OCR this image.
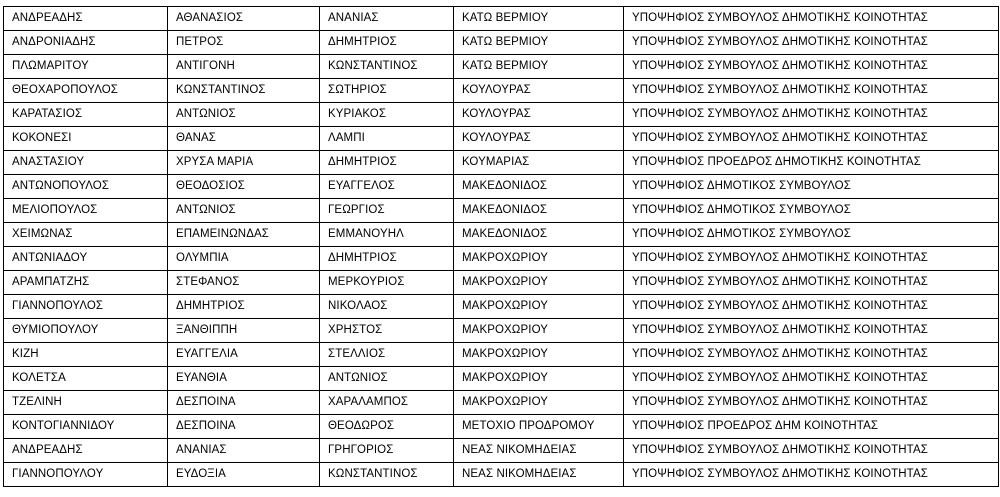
ΑΝΔΡΕΑΔΗΣ	ΑΘΑΝΑΣΙΟΣ	ΑΝΑΝΙΑΣ	ΚΑΤΩ ΒΕΡΜΙΟΥ	ΥΠΟΨΗΦΙΟΣ ΣΥΜΒΟΥΛΟΣ ΔΗΜΟΤΙΚΗΣ ΚΟΙΝΟΤΗΤΑΣ
ΑΝΔΡΟΝΙΑΔΗΣ	ΠΕΤΡΟΣ	ΔΗΜΗΤΡΙΟΣ	ΚΑΤΩ ΒΕΡΜΙΟΥ	ΥΠΟΨΗΦΙΟΣ ΣΥΜΒΟΥΛΟΣ ΔΗΜΟΤΙΚΗΣ ΚΟΙΝΟΤΗΤΑΣ
ΠΛΩΜΑΡΙΤΟΥ	ΑΝΤΙΓΟΝΗ	ΚΩΝΣΤΑΝΤΙΝΟΣ	ΚΑΤΩ ΒΕΡΜΙΟΥ	ΥΠΟΨΗΦΙΟΣ ΣΥΜΒΟΥΛΟΣ ΔΗΜΟΤΙΚΗΣ ΚΟΙΝΟΤΗΤΑΣ
ΘΕΟΧΑΡΟΠΟΥΛΟΣ	ΚΩΝΣΤΑΝΤΙΝΟΣ	ΣΩΤΗΡΙΟΣ	ΚΟΥΛΟΥΡΑΣ	ΥΠΟΨΗΦΙΟΣ ΣΥΜΒΟΥΛΟΣ ΔΗΜΟΤΙΚΗΣ ΚΟΙΝΟΤΗΤΑΣ
ΚΑΡΑΤΑΣΙΟΣ	ΑΝΤΩΝΙΟΣ	ΚΥΡΙΑΚΟΣ	ΚΟΥΛΟΥΡΑΣ	ΥΠΟΨΗΦΙΟΣ ΣΥΜΒΟΥΛΟΣ ΔΗΜΟΤΙΚΗΣ ΚΟΙΝΟΤΗΤΑΣ
ΚΟΚΟΝΕΣΙ	ΘΑΝΑΣ	ΛΑΜΠΙ	ΚΟΥΛΟΥΡΑΣ	ΥΠΟΨΗΦΙΟΣ ΣΥΜΒΟΥΛΟΣ ΔΗΜΟΤΙΚΗΣ ΚΟΙΝΟΤΗΤΑΣ
ΑΝΑΣΤΑΣΙΟΥ	ΧΡΥΣΑ ΜΑΡΙΑ	ΔΗΜΗΤΡΙΟΣ	ΚΟΥΜΑΡΙΑΣ	ΥΠΟΨΗΦΙΟΣ ΠΡΟΕΔΡΟΣ ΔΗΜΟΤΙΚΗΣ ΚΟΙΝΟΤΗΤΑΣ
ΑΝΤΩΝΟΠΟΥΛΟΣ	ΘΕΟΔΟΣΙΟΣ	ΕΥΑΓΓΕΛΟΣ	ΜΑΚΕΔΟΝΙΔΟΣ	ΥΠΟΨΗΦΙΟΣ ΔΗΜΟΤΙΚΟΣ ΣΥΜΒΟΥΛΟΣ
ΜΕΛΙΟΠΟΥΛΟΣ	ΑΝΤΩΝΙΟΣ	ΓΕΩΡΓΙΟΣ	ΜΑΚΕΔΟΝΙΔΟΣ	ΥΠΟΨΗΦΙΟΣ ΔΗΜΟΤΙΚΟΣ ΣΥΜΒΟΥΛΟΣ
ΧΕΙΜΩΝΑΣ	ΕΠΑΜΕΙΝΩΝΔΑΣ	ΕΜΜΑΝΟΥΗΛ	ΜΑΚΕΔΟΝΙΔΟΣ	ΥΠΟΨΗΦΙΟΣ ΔΗΜΟΤΙΚΟΣ ΣΥΜΒΟΥΛΟΣ
ΑΝΤΩΝΙΑΔΟΥ	ΟΛΥΜΠΙΑ	ΔΗΜΗΤΡΙΟΣ	ΜΑΚΡΟΧΩΡΙΟΥ	ΥΠΟΨΗΦΙΟΣ ΣΥΜΒΟΥΛΟΣ ΔΗΜΟΤΙΚΗΣ ΚΟΙΝΟΤΗΤΑΣ
ΑΡΑΜΠΑΤΖΗΣ	ΣΤΕΦΑΝΟΣ	ΜΕΡΚΟΥΡΙΟΣ	ΜΑΚΡΟΧΩΡΙΟΥ	ΥΠΟΨΗΦΙΟΣ ΣΥΜΒΟΥΛΟΣ ΔΗΜΟΤΙΚΗΣ ΚΟΙΝΟΤΗΤΑΣ
ΓΙΑΝΝΟΠΟΥΛΟΣ	ΔΗΜΗΤΡΙΟΣ	ΝΙΚΟΛΑΟΣ	ΜΑΚΡΟΧΩΡΙΟΥ	ΥΠΟΨΗΦΙΟΣ ΣΥΜΒΟΥΛΟΣ ΔΗΜΟΤΙΚΗΣ ΚΟΙΝΟΤΗΤΑΣ
ΘΥΜΙΟΠΟΥΛΟΥ	ΞΑΝΘΙΠΠΗ	ΧΡΗΣΤΟΣ	ΜΑΚΡΟΧΩΡΙΟΥ	ΥΠΟΨΗΦΙΟΣ ΣΥΜΒΟΥΛΟΣ ΔΗΜΟΤΙΚΗΣ ΚΟΙΝΟΤΗΤΑΣ
ΚΙΖΗ	ΕΥΑΓΓΕΛΙΑ	ΣΤΕΛΛΙΟΣ	ΜΑΚΡΟΧΩΡΙΟΥ	ΥΠΟΨΗΦΙΟΣ ΣΥΜΒΟΥΛΟΣ ΔΗΜΟΤΙΚΗΣ ΚΟΙΝΟΤΗΤΑΣ
ΚΟΛΕΤΣΑ	ΕΥΑΝΘΙΑ	ΑΝΤΩΝΙΟΣ	ΜΑΚΡΟΧΩΡΙΟΥ	ΥΠΟΨΗΦΙΟΣ ΣΥΜΒΟΥΛΟΣ ΔΗΜΟΤΙΚΗΣ ΚΟΙΝΟΤΗΤΑΣ
ΤΖΕΛΙΝΗ	ΔΕΣΠΟΙΝΑ	ΧΑΡΑΛΑΜΠΟΣ	ΜΑΚΡΟΧΩΡΙΟΥ	ΥΠΟΨΗΦΙΟΣ ΣΥΜΒΟΥΛΟΣ ΔΗΜΟΤΙΚΗΣ ΚΟΙΝΟΤΗΤΑΣ
ΚΟΝΤΟΓΙΑΝΝΙΔΟΥ	ΔΕΣΠΟΙΝΑ	ΘΕΟΔΩΡΟΣ	ΜΕΤΟΧΙΟ ΠΡΟΔΡΟΜΟΥ	ΥΠΟΨΗΦΙΟΣ ΠΡΟΕΔΡΟΣ ΔΗΜ ΚΟΙΝΟΤΗΤΑΣ
ΑΝΔΡΕΑΔΗΣ	ΑΝΑΝΙΑΣ	ΓΡΗΓΟΡΙΟΣ	ΝΕΑΣ ΝΙΚΟΜΗΔΕΙΑΣ	ΥΠΟΨΗΦΙΟΣ ΣΥΜΒΟΥΛΟΣ ΔΗΜΟΤΙΚΗΣ ΚΟΙΝΟΤΗΤΑΣ
ΓΙΑΝΝΟΠΟΥΛΟΥ	ΕΥΔΟΞΙΑ	ΚΩΝΣΤΑΝΤΙΝΟΣ	ΝΕΑΣ ΝΙΚΟΜΗΔΕΙΑΣ	ΥΠΟΨΗΦΙΟΣ ΣΥΜΒΟΥΛΟΣ ΔΗΜΟΤΙΚΗΣ ΚΟΙΝΟΤΗΤΑΣ
